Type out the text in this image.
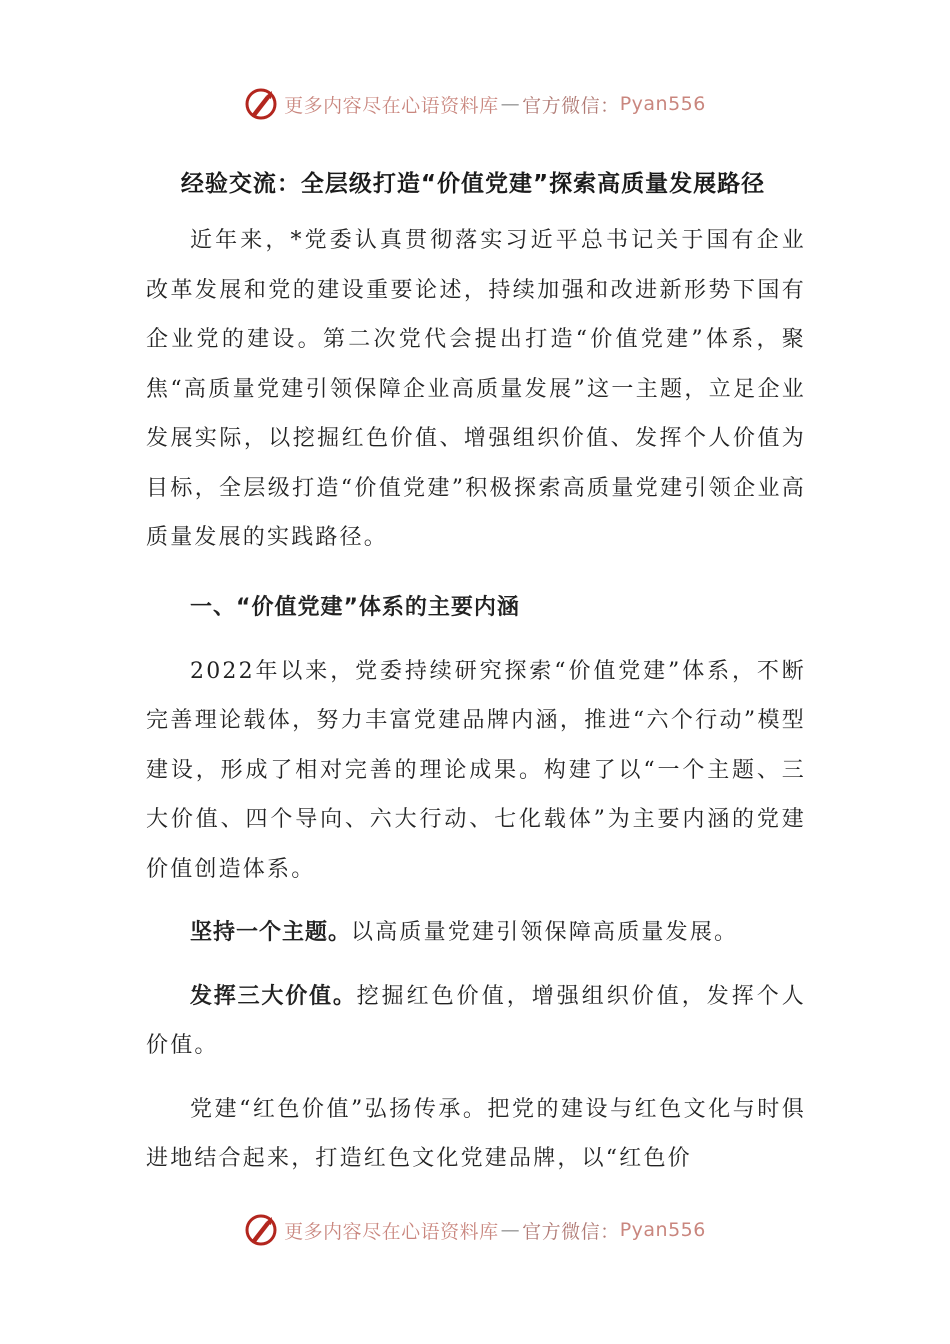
更多内容尽在心语资料库 — 官方微信： Pyan556
经验交流：全层级打造“价值党建”探索高质量发展路径

近年来，*党委认真贯彻落实习近平总书记关于国有企业改革发展和党的建设重要论述，持续加强和改进新形势下国有企业党的建设。第二次党代会提出打造“价值党建”体系，聚焦“高质量党建引领保障企业高质量发展”这一主题，立足企业发展实际，以挖掘红色价值、增强组织价值、发挥个人价值为目标，全层级打造“价值党建”积极探索高质量党建引领企业高质量发展的实践路径。

一、“价值党建”体系的主要内涵

2022年以来，党委持续研究探索“价值党建”体系，不断完善理论载体，努力丰富党建品牌内涵，推进“六个行动”模型建设，形成了相对完善的理论成果。构建了以“一个主题、三大价值、四个导向、六大行动、七化载体”为主要内涵的党建价值创造体系。

坚持一个主题。以高质量党建引领保障高质量发展。

发挥三大价值。挖掘红色价值，增强组织价值，发挥个人价值。

党建“红色价值”弘扬传承。把党的建设与红色文化与时俱进地结合起来，打造红色文化党建品牌，以“红色价

更多内容尽在心语资料库 — 官方微信： Pyan556
